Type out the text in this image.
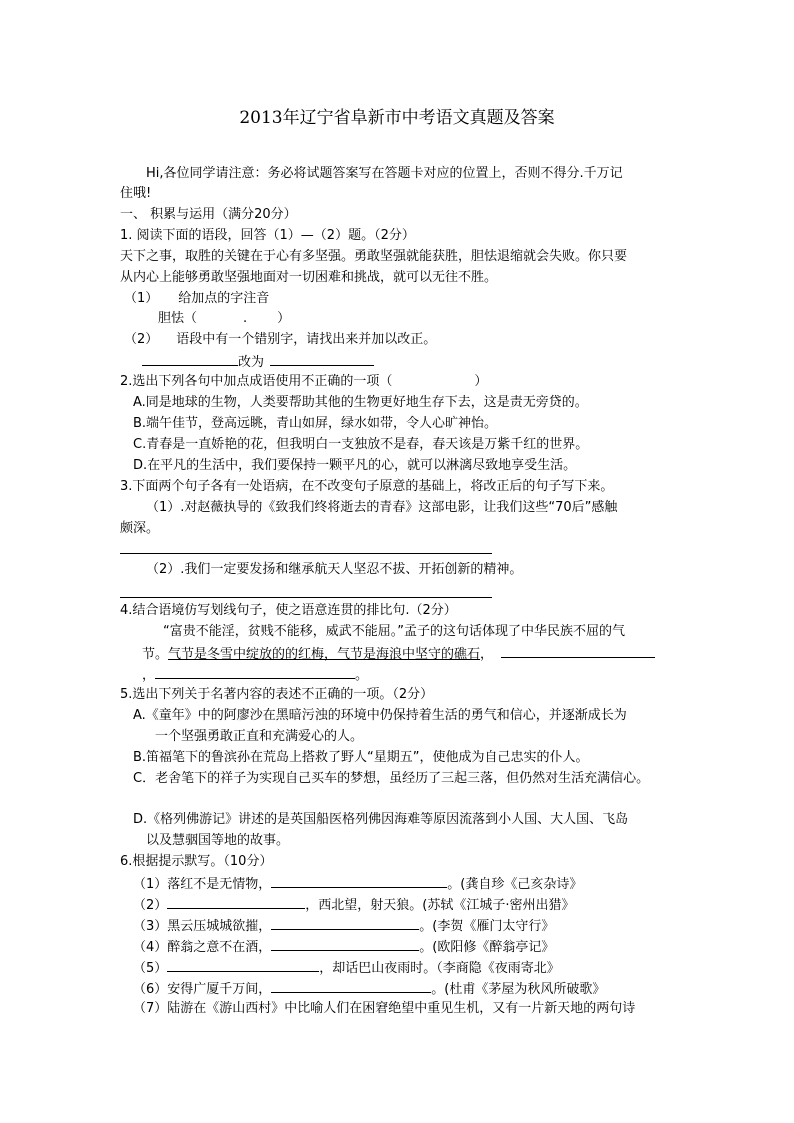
2013年辽宁省阜新市中考语文真题及答案
Hi,各位同学请注意：务必将试题答案写在答题卡对应的位置上，否则不得分.千万记
住哦!
一、 积累与运用（满分20分）
1. 阅读下面的语段，回答（1）—（2）题。（2分）
天下之事，取胜的关键在于心有多坚强。勇敢坚强就能获胜，胆怯退缩就会失败。你只要
从内心上能够勇敢坚强地面对一切困难和挑战，就可以无往不胜。
（1） 给加点的字注音
胆怯（	. ）
（2） 语段中有一个错别字，请找出来并加以改正。
改为
2.选出下列各句中加点成语使用不正确的一项（	）
A.同是地球的生物，人类要帮助其他的生物更好地生存下去，这是责无旁贷的。
B.端午佳节，登高远眺，青山如屏，绿水如带，令人心旷神怡。
C.青春是一直娇艳的花，但我明白一支独放不是春，春天该是万紫千红的世界。
D.在平凡的生活中，我们要保持一颗平凡的心，就可以淋漓尽致地享受生活。
3.下面两个句子各有一处语病，在不改变句子原意的基础上，将改正后的句子写下来。
（1）.对赵薇执导的《致我们终将逝去的青春》这部电影，让我们这些“70后”感触
颇深。
（2）.我们一定要发扬和继承航天人坚忍不拔、开拓创新的精神。
4.结合语境仿写划线句子，使之语意连贯的排比句.（2分）
“富贵不能淫，贫贱不能移，威武不能屈。”孟子的这句话体现了中华民族不屈的气
节。气节是冬雪中绽放的的红梅，气节是海浪中坚守的礁石，
，	。
5.选出下列关于名著内容的表述不正确的一项。（2分）
A.《童年》中的阿廖沙在黑暗污浊的环境中仍保持着生活的勇气和信心，并逐渐成长为
一个坚强勇敢正直和充满爱心的人。
B.笛福笔下的鲁滨孙在荒岛上搭救了野人“星期五”，使他成为自己忠实的仆人。
C．老舍笔下的祥子为实现自己买车的梦想，虽经历了三起三落，但仍然对生活充满信心。
D.《格列佛游记》讲述的是英国船医格列佛因海难等原因流落到小人国、大人国、飞岛
以及慧骃国等地的故事。
6.根据提示默写。（10分）
（1）落红不是无情物，	。(龚自珍《己亥杂诗》
（2）	，西北望，射天狼。(苏轼《江城子·密州出猎》
（3）黑云压城城欲摧，	。(李贺《雁门太守行》
（4）醉翁之意不在酒，	。(欧阳修《醉翁亭记》
（5）	，却话巴山夜雨时。（李商隐《夜雨寄北》
（6）安得广厦千万间，	。(杜甫《茅屋为秋风所破歌》
（7）陆游在《游山西村》中比喻人们在困窘绝望中重见生机，又有一片新天地的两句诗
